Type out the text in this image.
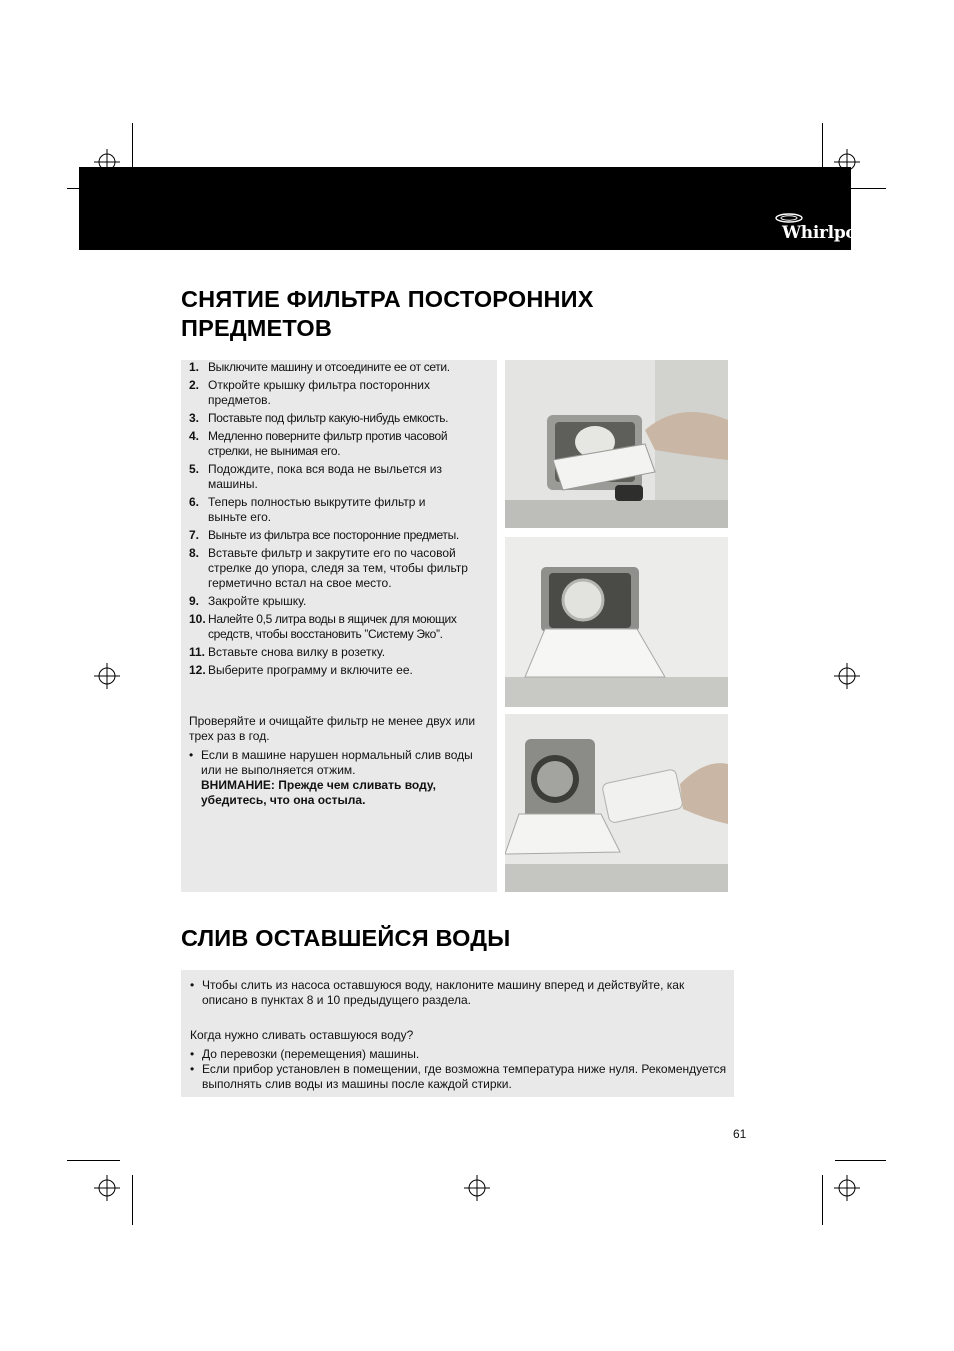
Whirlpool
СНЯТИЕ ФИЛЬТРА ПОСТОРОННИХ
ПРЕДМЕТОВ
1. Выключите машину и отсоедините ее от сети.
2. Откройте крышку фильтра посторонних предметов.
3. Поставьте под фильтр какую-нибудь емкость.
4. Медленно поверните фильтр против часовой стрелки, не вынимая его.
5. Подождите, пока вся вода не выльется из машины.
6. Теперь полностью выкрутите фильтр и выньте его.
7. Выньте из фильтра все посторонние предметы.
8. Вставьте фильтр и закрутите его по часовой стрелке до упора, следя за тем, чтобы фильтр герметично встал на свое место.
9. Закройте крышку.
10. Налейте 0,5 литра воды в ящичек для моющих средств, чтобы восстановить ”Систему Эко”.
11. Вставьте снова вилку в розетку.
12. Выберите программу и включите ее.
Проверяйте и очищайте фильтр не менее двух или трех раз в год.
• Если в машине нарушен нормальный слив воды или не выполняется отжим.
ВНИМАНИЕ: Прежде чем сливать воду, убедитесь, что она остыла.
СЛИВ ОСТАВШЕЙСЯ ВОДЫ
• Чтобы слить из насоса оставшуюся воду, наклоните машину вперед и действуйте, как описано в пунктах 8 и 10 предыдущего раздела.
Когда нужно сливать оставшуюся воду?
• До перевозки (перемещения) машины.
• Если прибор установлен в помещении, где возможна температура ниже нуля. Рекомендуется выполнять слив воды из машины после каждой стирки.
61
